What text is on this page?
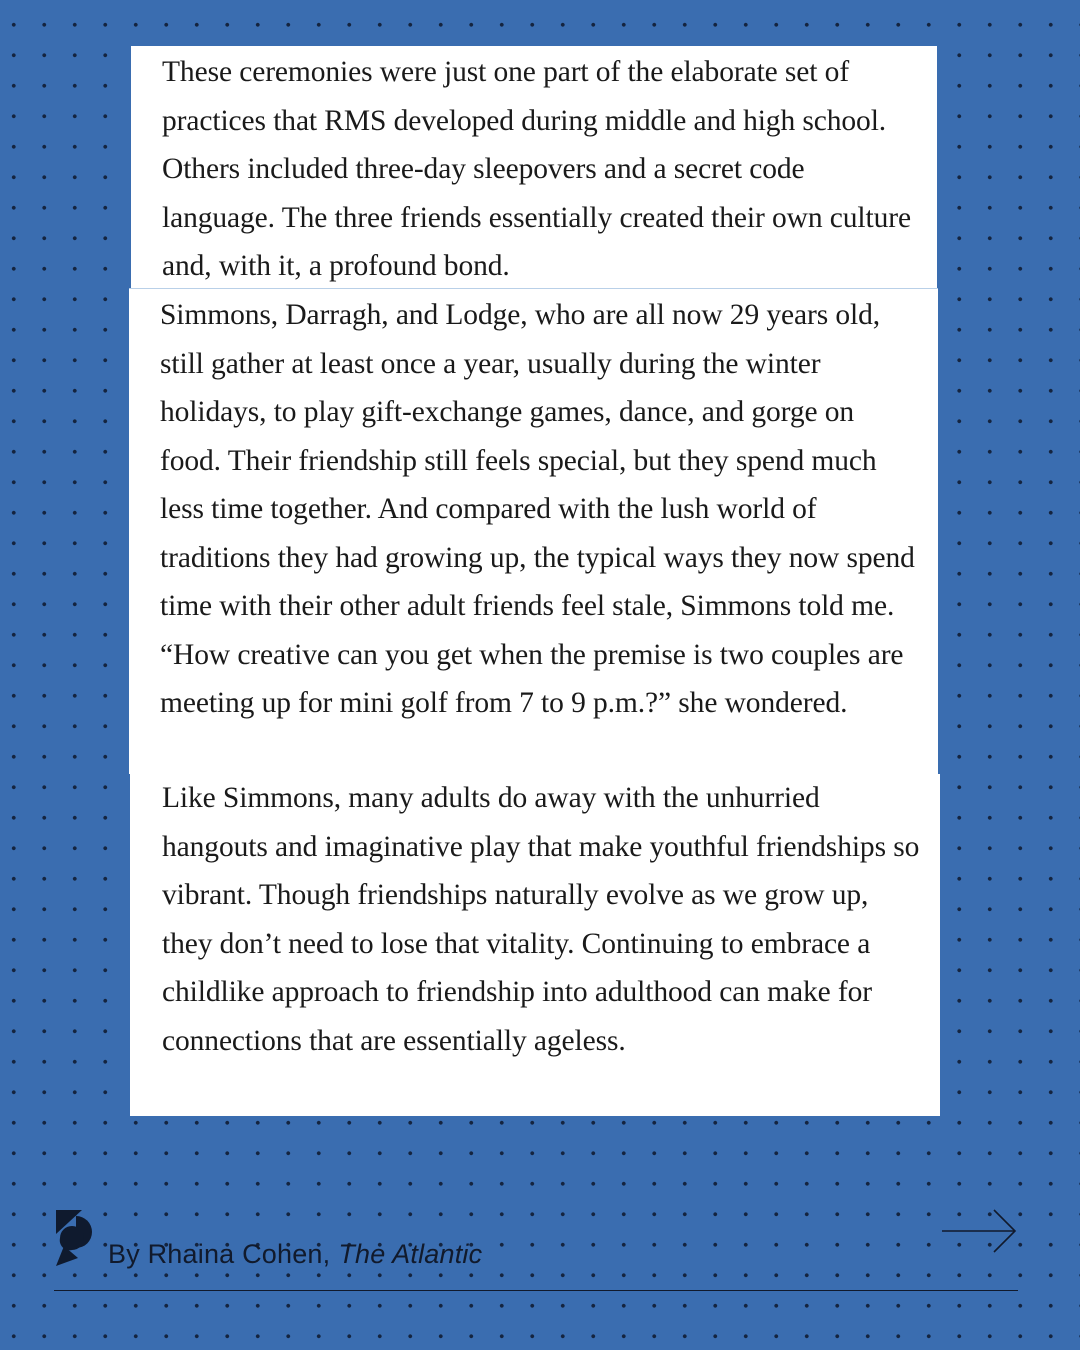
These ceremonies were just one part of the elaborate set of practices that RMS developed during middle and high school. Others included three-day sleepovers and a secret code language. The three friends essentially created their own culture and, with it, a profound bond.

Simmons, Darragh, and Lodge, who are all now 29 years old, still gather at least once a year, usually during the winter holidays, to play gift-exchange games, dance, and gorge on food. Their friendship still feels special, but they spend much less time together. And compared with the lush world of traditions they had growing up, the typical ways they now spend time with their other adult friends feel stale, Simmons told me. “How creative can you get when the premise is two couples are meeting up for mini golf from 7 to 9 p.m.?” she wondered.

Like Simmons, many adults do away with the unhurried hangouts and imaginative play that make youthful friendships so vibrant. Though friendships naturally evolve as we grow up, they don’t need to lose that vitality. Continuing to embrace a childlike approach to friendship into adulthood can make for connections that are essentially ageless.

By Rhaina Cohen, The Atlantic
